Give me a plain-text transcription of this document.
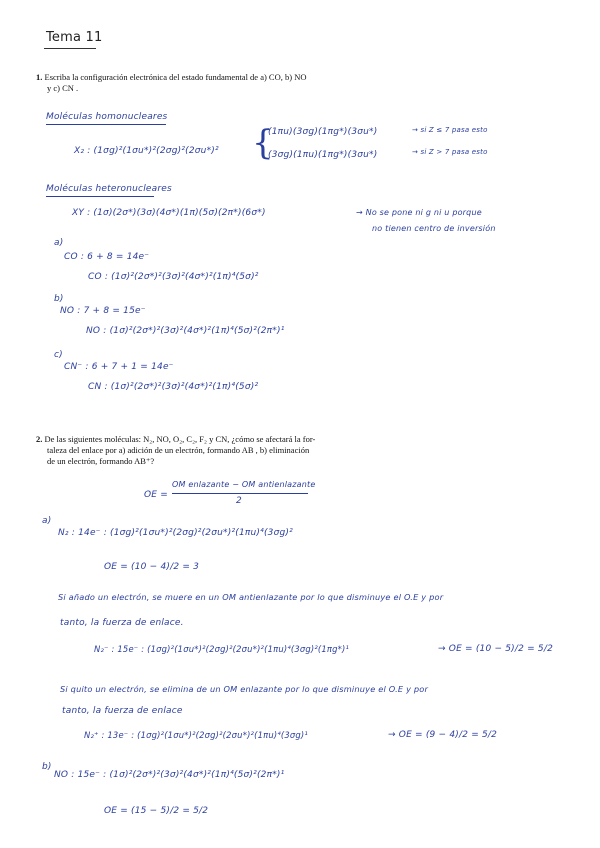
Tema 11
1. Escriba la configuración electrónica del estado fundamental de a) CO, b) NO
y c) CN .
Moléculas homonucleares
X₂ : (1σg)²(1σu*)²(2σg)²(2σu*)² {
(1πu)(3σg)(1πg*)(3σu*)	→ si Z ≤ 7 pasa esto
(3σg)(1πu)(1πg*)(3σu*)	→ si Z > 7 pasa esto
Moléculas heteronucleares
XY : (1σ)(2σ*)(3σ)(4σ*)(1π)(5σ)(2π*)(6σ*)	→ No se pone ni g ni u porque
no tienen centro de inversión
a)
CO : 6 + 8 = 14e⁻
CO : (1σ)²(2σ*)²(3σ)²(4σ*)²(1π)⁴(5σ)²
b)
NO : 7 + 8 = 15e⁻
NO : (1σ)²(2σ*)²(3σ)²(4σ*)²(1π)⁴(5σ)²(2π*)¹
c)
CN⁻ : 6 + 7 + 1 = 14e⁻
CN : (1σ)²(2σ*)²(3σ)²(4σ*)²(1π)⁴(5σ)²
2. De las siguientes moléculas: N₂, NO, O₂, C₂, F₂ y CN, ¿cómo se afectará la for-
taleza del enlace por a) adición de un electrón, formando AB , b) eliminación
de un electrón, formando AB⁺?
OE =
OM enlazante − OM antienlazante
2
a)
N₂ : 14e⁻ : (1σg)²(1σu*)²(2σg)²(2σu*)²(1πu)⁴(3σg)²
OE = (10 − 4)/2 = 3
Si añado un electrón, se muere en un OM antienlazante por lo que disminuye el O.E y por
tanto, la fuerza de enlace.
N₂⁻ : 15e⁻ : (1σg)²(1σu*)²(2σg)²(2σu*)²(1πu)⁴(3σg)²(1πg*)¹	→ OE = (10 − 5)/2 = 5/2
Si quito un electrón, se elimina de un OM enlazante por lo que disminuye el O.E y por
tanto, la fuerza de enlace
N₂⁺ : 13e⁻ : (1σg)²(1σu*)²(2σg)²(2σu*)²(1πu)⁴(3σg)¹	→ OE = (9 − 4)/2 = 5/2
b)
NO : 15e⁻ : (1σ)²(2σ*)²(3σ)²(4σ*)²(1π)⁴(5σ)²(2π*)¹
OE = (15 − 5)/2 = 5/2
